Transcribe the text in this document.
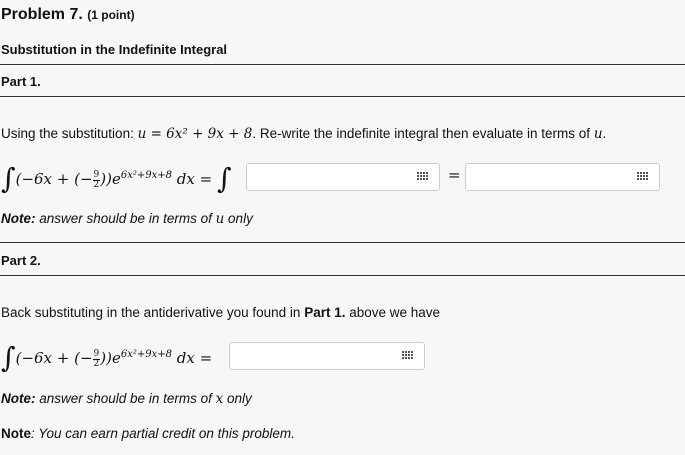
Problem 7. (1 point)
Substitution in the Indefinite Integral
Part 1.
Using the substitution: u = 6x² + 9x + 8. Re-write the indefinite integral then evaluate in terms of u.
∫(−6x + (− $\frac{9}{2} ))e^{6x^2+9x+8}$ dx = ∫	=
Note: answer should be in terms of u only
Part 2.
Back substituting in the antiderivative you found in Part 1. above we have
∫(−6x + (− $\frac{9}{2} ))e^{6x^2+9x+8}$ dx =
Note: answer should be in terms of x only
Note: You can earn partial credit on this problem.
